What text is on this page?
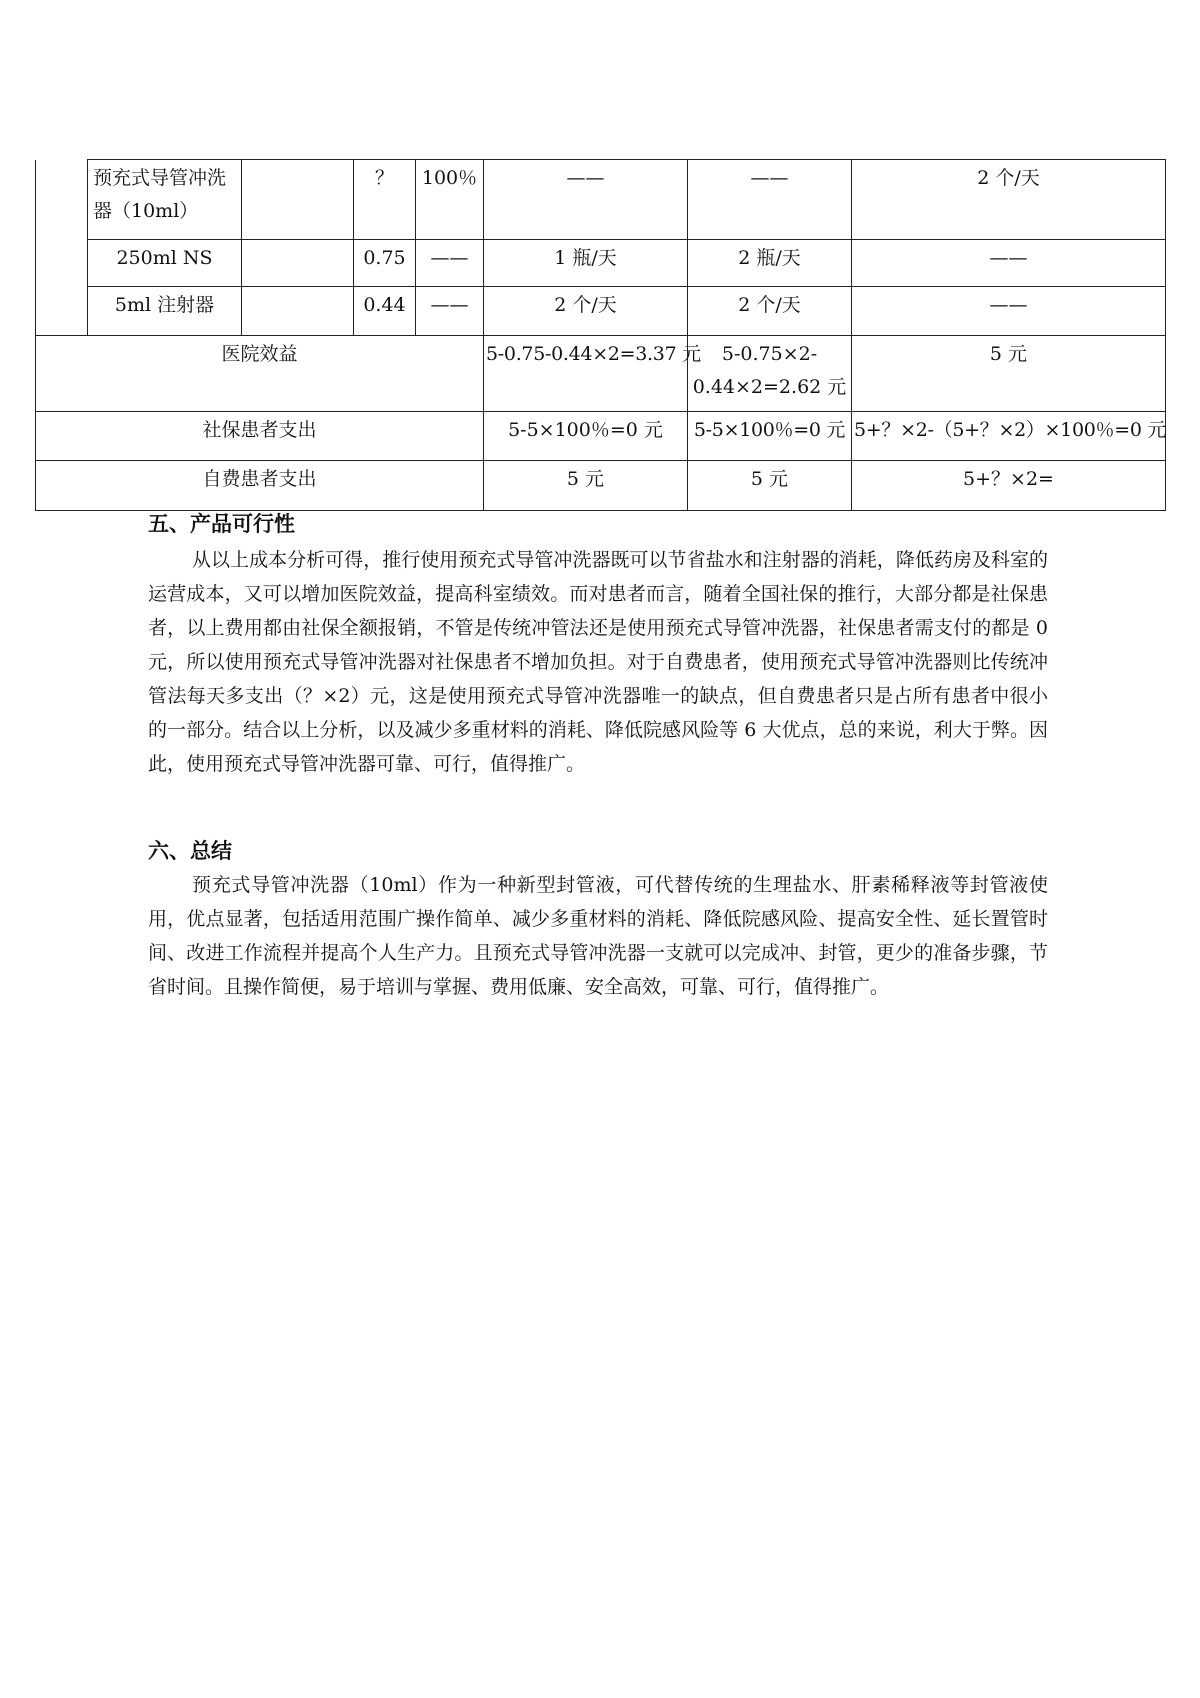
	预充式导管冲洗器（10ml）		？	100％	——	——	2 个/天
	250ml NS		0.75	——	1 瓶/天	2 瓶/天	——
	5ml 注射器		0.44	——	2 个/天	2 个/天	——
医院效益					5-0.75-0.44×2=3.37 元	5-0.75×2-0.44×2=2.62 元	5 元
社保患者支出					5-5×100％=0 元	5-5×100％=0 元	5+？×2-（5+？×2）×100％=0 元
自费患者支出					5 元	5 元	5+？×2=
五、产品可行性

从以上成本分析可得，推行使用预充式导管冲洗器既可以节省盐水和注射器的消耗，降低药房及科室的运营成本，又可以增加医院效益，提高科室绩效。而对患者而言，随着全国社保的推行，大部分都是社保患者，以上费用都由社保全额报销，不管是传统冲管法还是使用预充式导管冲洗器，社保患者需支付的都是 0 元，所以使用预充式导管冲洗器对社保患者不增加负担。对于自费患者，使用预充式导管冲洗器则比传统冲管法每天多支出（？×2）元，这是使用预充式导管冲洗器唯一的缺点，但自费患者只是占所有患者中很小的一部分。结合以上分析，以及减少多重材料的消耗、降低院感风险等 6 大优点，总的来说，利大于弊。因此，使用预充式导管冲洗器可靠、可行，值得推广。

六、总结

预充式导管冲洗器（10ml）作为一种新型封管液，可代替传统的生理盐水、肝素稀释液等封管液使用，优点显著，包括适用范围广操作简单、减少多重材料的消耗、降低院感风险、提高安全性、延长置管时间、改进工作流程并提高个人生产力。且预充式导管冲洗器一支就可以完成冲、封管，更少的准备步骤，节省时间。且操作简便，易于培训与掌握、费用低廉、安全高效，可靠、可行，值得推广。
